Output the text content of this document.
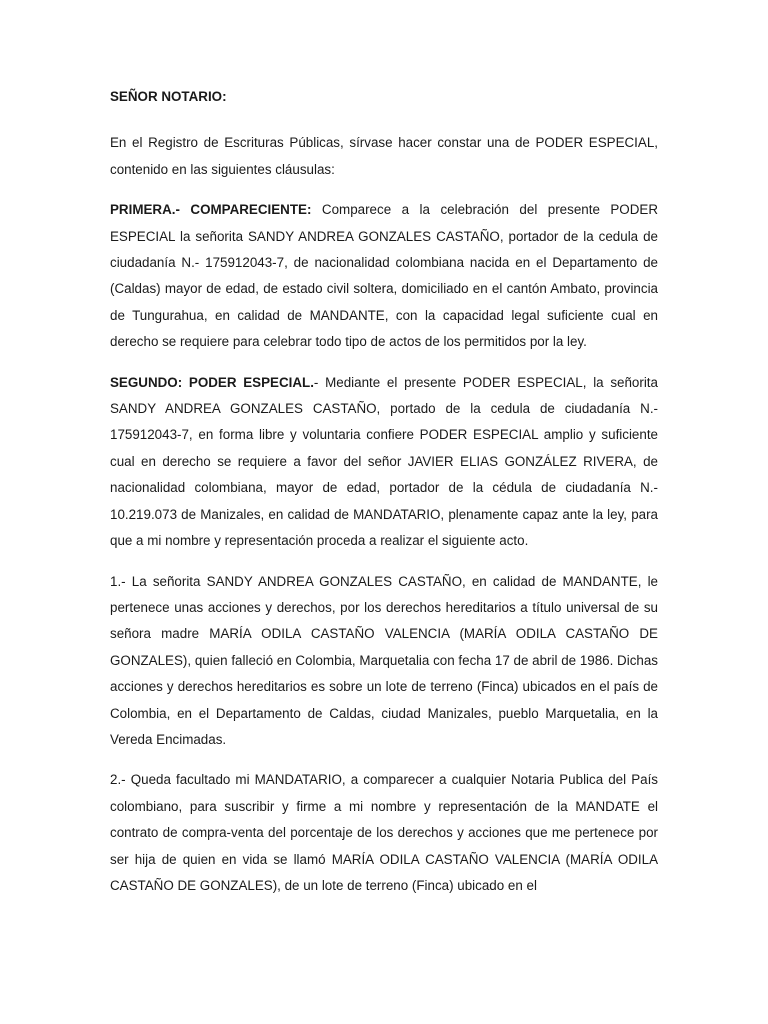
SEÑOR NOTARIO:

En el Registro de Escrituras Públicas, sírvase hacer constar una de PODER ESPECIAL, contenido en las siguientes cláusulas:

PRIMERA.- COMPARECIENTE: Comparece a la celebración del presente PODER ESPECIAL la señorita SANDY ANDREA GONZALES CASTAÑO, portador de la cedula de ciudadanía N.- 175912043-7, de nacionalidad colombiana nacida en el Departamento de (Caldas) mayor de edad, de estado civil soltera, domiciliado en el cantón Ambato, provincia de Tungurahua, en calidad de MANDANTE, con la capacidad legal suficiente cual en derecho se requiere para celebrar todo tipo de actos de los permitidos por la ley.

SEGUNDO: PODER ESPECIAL.- Mediante el presente PODER ESPECIAL, la señorita SANDY ANDREA GONZALES CASTAÑO, portado de la cedula de ciudadanía N.- 175912043-7, en forma libre y voluntaria confiere PODER ESPECIAL amplio y suficiente cual en derecho se requiere a favor del señor JAVIER ELIAS GONZÁLEZ RIVERA, de nacionalidad colombiana, mayor de edad, portador de la cédula de ciudadanía N.- 10.219.073 de Manizales, en calidad de MANDATARIO, plenamente capaz ante la ley, para que a mi nombre y representación proceda a realizar el siguiente acto.

1.- La señorita SANDY ANDREA GONZALES CASTAÑO, en calidad de MANDANTE, le pertenece unas acciones y derechos, por los derechos hereditarios a título universal de su señora madre MARÍA ODILA CASTAÑO VALENCIA (MARÍA ODILA CASTAÑO DE GONZALES), quien falleció en Colombia, Marquetalia con fecha 17 de abril de 1986. Dichas acciones y derechos hereditarios es sobre un lote de terreno (Finca) ubicados en el país de Colombia, en el Departamento de Caldas, ciudad Manizales, pueblo Marquetalia, en la Vereda Encimadas.

2.- Queda facultado mi MANDATARIO, a comparecer a cualquier Notaria Publica del País colombiano, para suscribir y firme a mi nombre y representación de la MANDATE el contrato de compra-venta del porcentaje de los derechos y acciones que me pertenece por ser hija de quien en vida se llamó MARÍA ODILA CASTAÑO VALENCIA (MARÍA ODILA CASTAÑO DE GONZALES), de un lote de terreno (Finca) ubicado en el
